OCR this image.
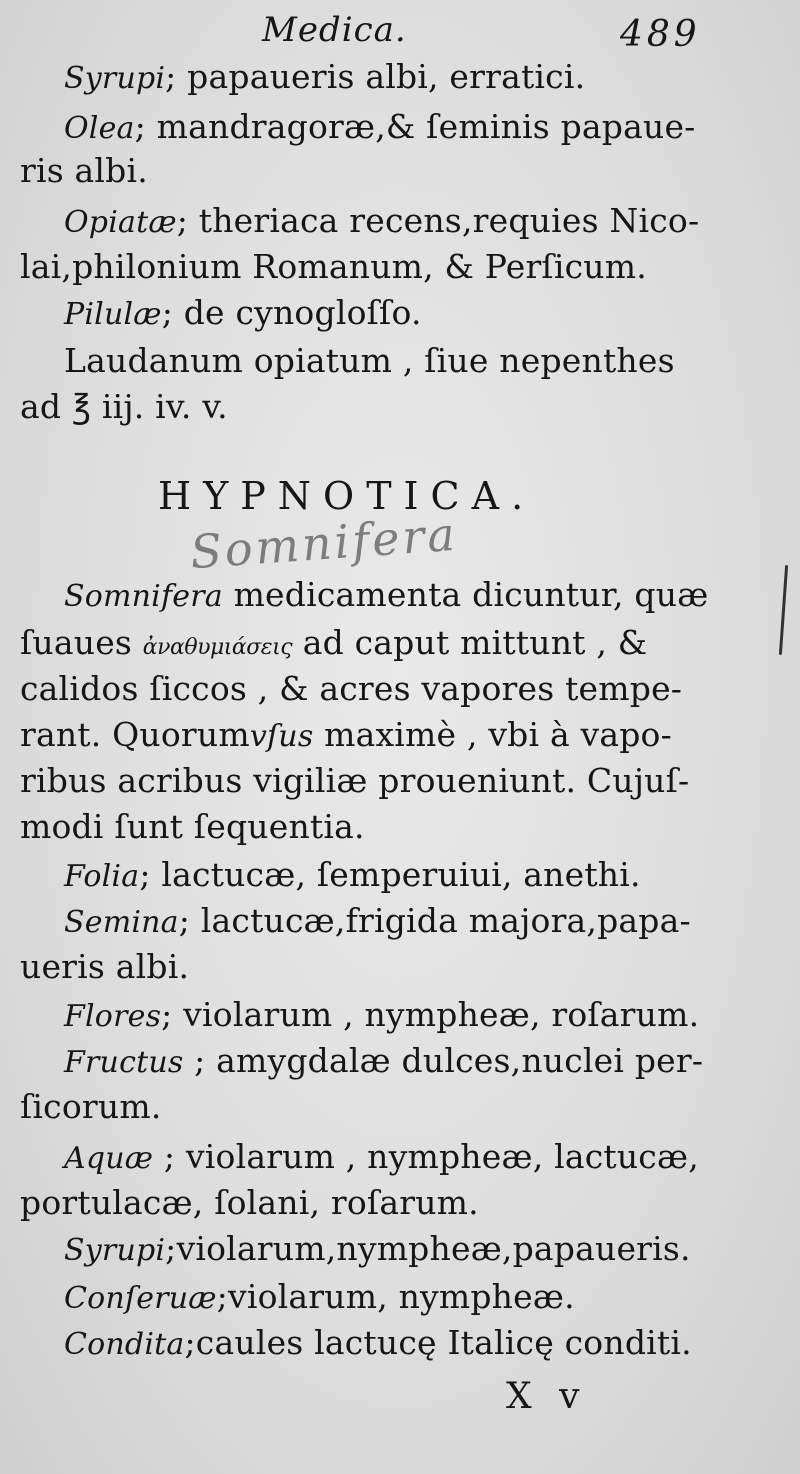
Medica.	489
Syrupi; papaueris albi, erratici.
Olea; mandragoræ,& ſeminis papaue-
ris albi.
Opiatæ; theriaca recens,requies Nico-
lai,philonium Romanum, & Perſicum.
Pilulæ; de cynogloſſo.
Laudanum opiatum , ſiue nepenthes
ad ℥ iij. iv. v.
HYPNOTICA.
Somnifera
Somnifera medicamenta dicuntur, quæ
ſuaues ἀναθυμιάσεις ad caput mittunt , &
calidos ſiccos , & acres vapores tempe-
rant. Quorumvſus maximè , vbi à vapo-
ribus acribus vigiliæ proueniunt. Cujuſ-
modi ſunt ſequentia.
Folia; lactucæ, ſemperuiui, anethi.
Semina; lactucæ,frigida majora,papa-
ueris albi.
Flores; violarum , nympheæ, roſarum.
Fructus ; amygdalæ dulces,nuclei per-
ſicorum.
Aquæ ; violarum , nympheæ, lactucæ,
portulacæ, ſolani, roſarum.
Syrupi;violarum,nympheæ,papaueris.
Conſeruæ;violarum, nympheæ.
Condita;caules lactucę Italicę conditi.
X v
